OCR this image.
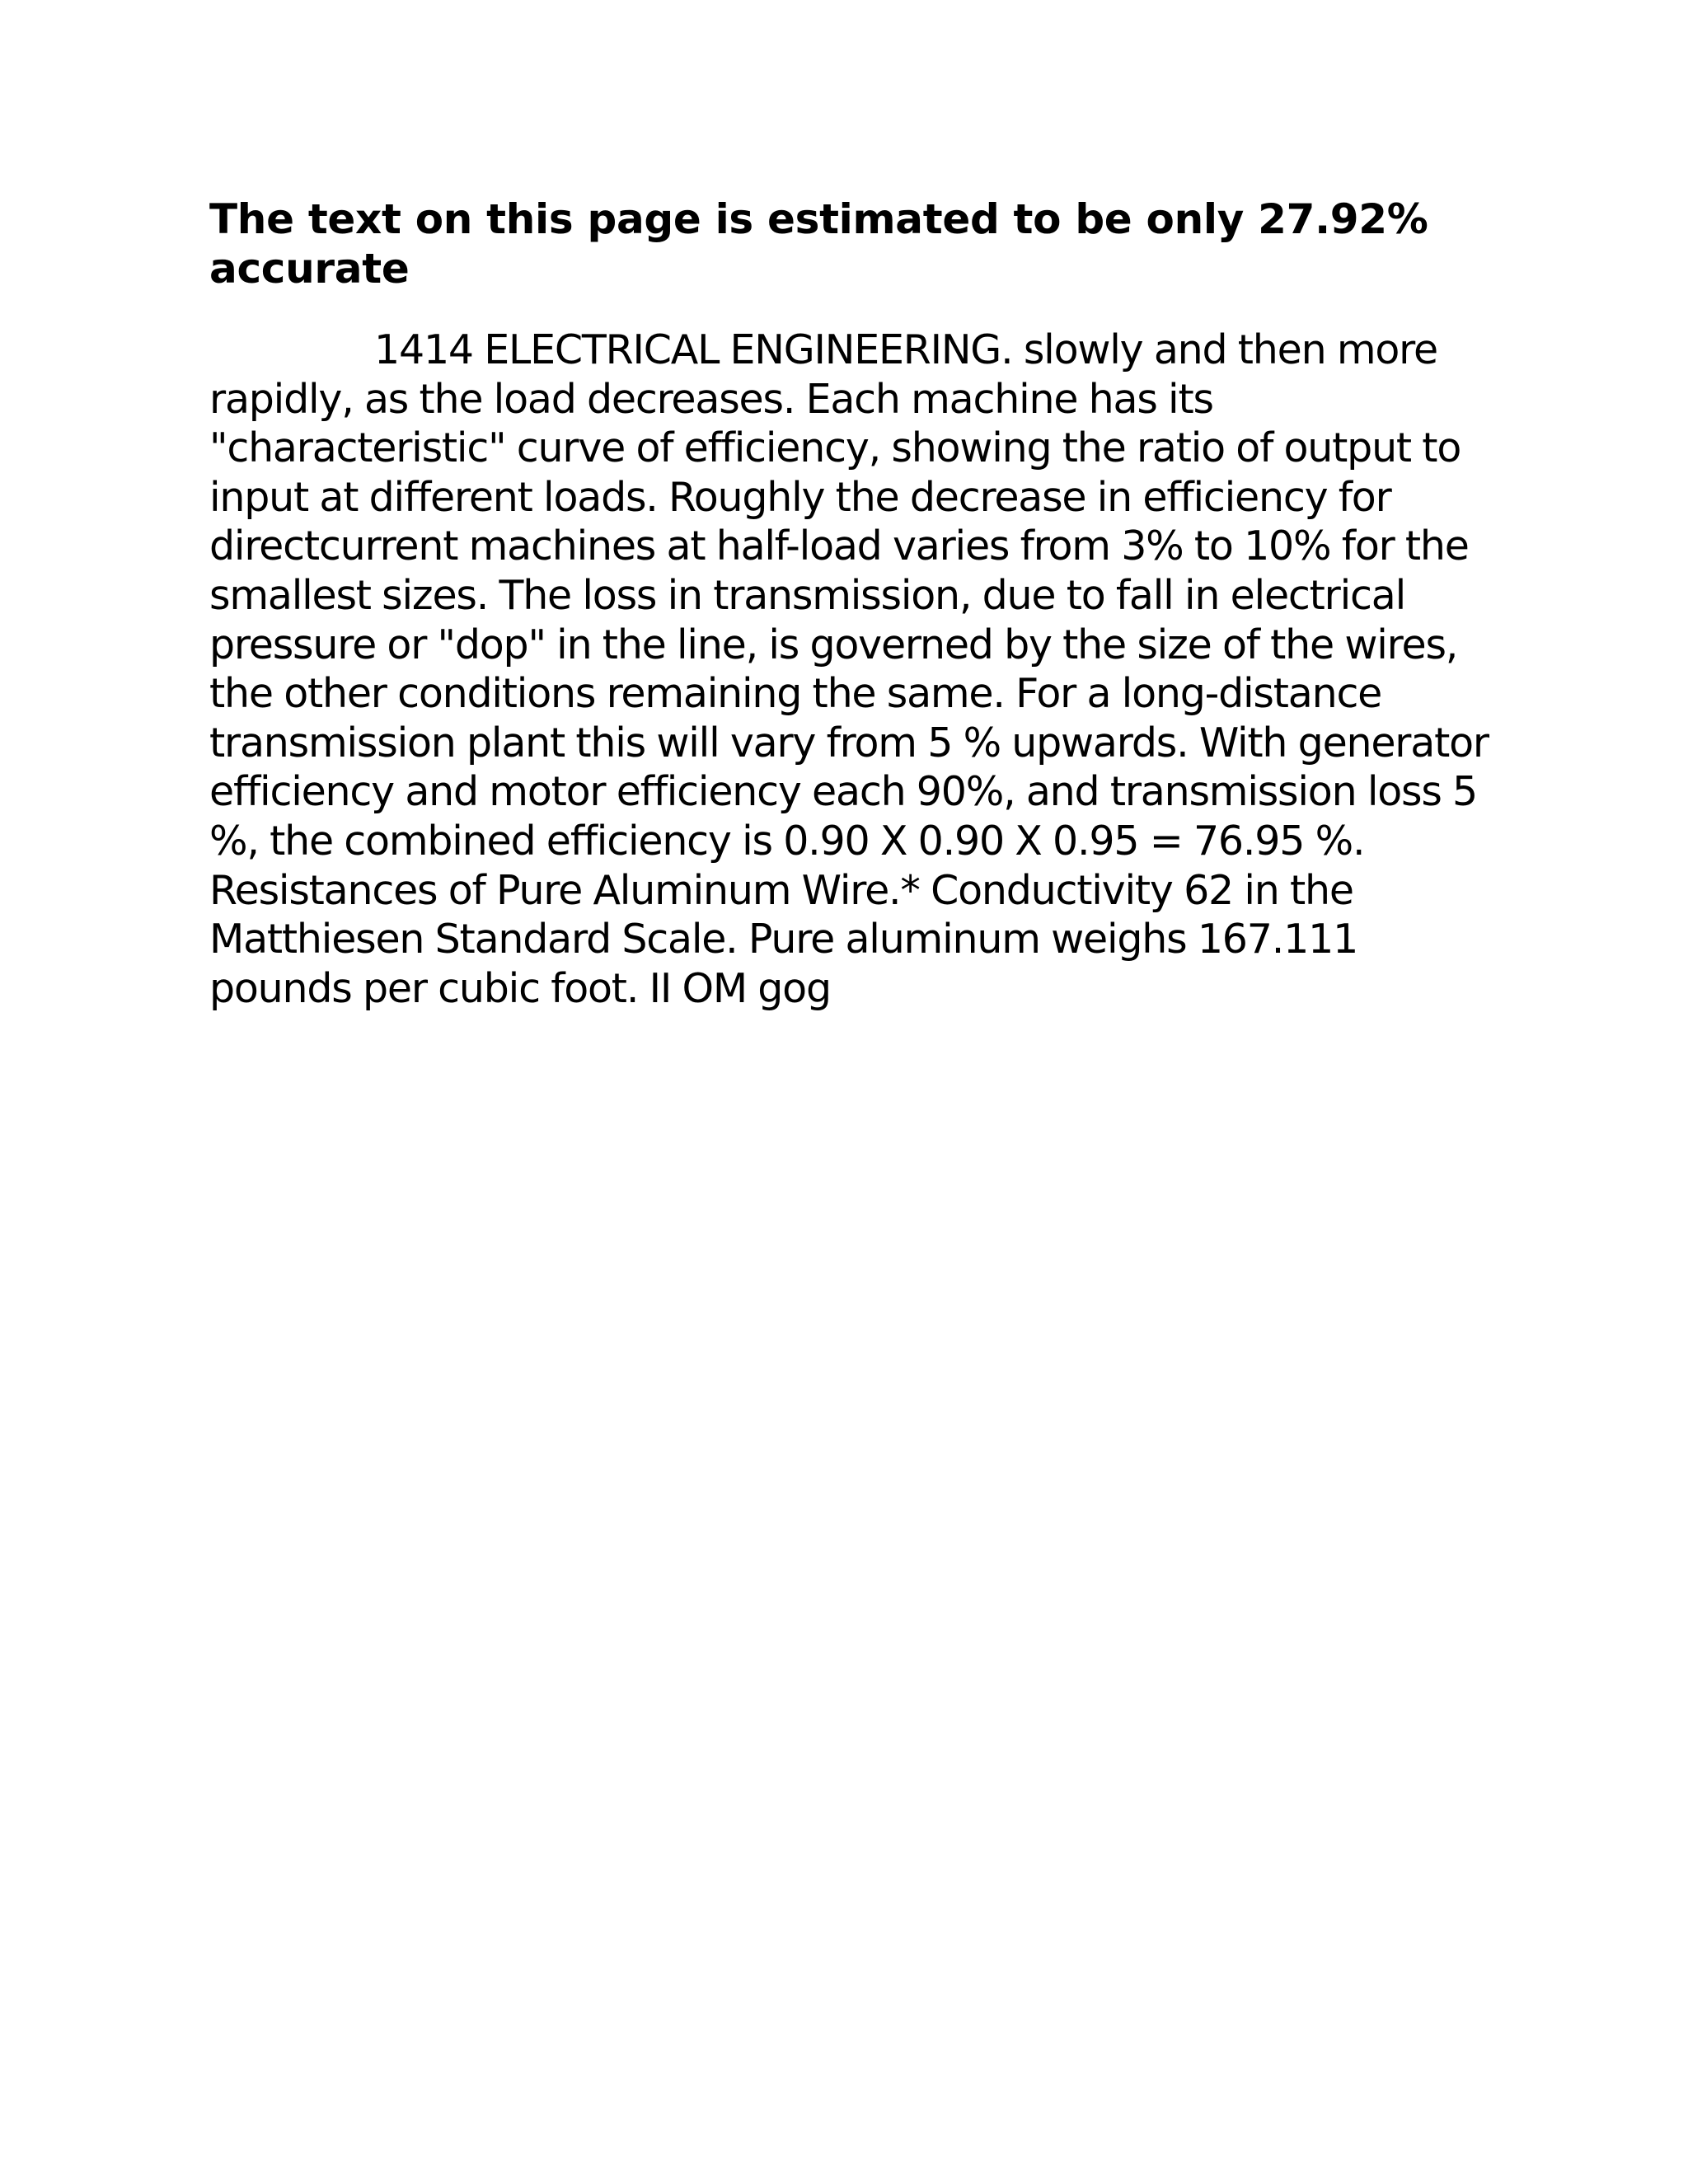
The text on this page is estimated to be only 27.92% accurate

1414 ELECTRICAL ENGINEERING. slowly and then more rapidly, as the load decreases. Each machine has its "characteristic" curve of efficiency, showing the ratio of output to input at different loads. Roughly the decrease in efficiency for directcurrent machines at half-load varies from 3% to 10% for the smallest sizes. The loss in transmission, due to fall in electrical pressure or "dop" in the line, is governed by the size of the wires, the other conditions remaining the same. For a long-distance transmission plant this will vary from 5 % upwards. With generator efficiency and motor efficiency each 90%, and transmission loss 5 %, the combined efficiency is 0.90 X 0.90 X 0.95 = 76.95 %. Resistances of Pure Aluminum Wire.* Conductivity 62 in the Matthiesen Standard Scale. Pure aluminum weighs 167.111 pounds per cubic foot. II OM gog
